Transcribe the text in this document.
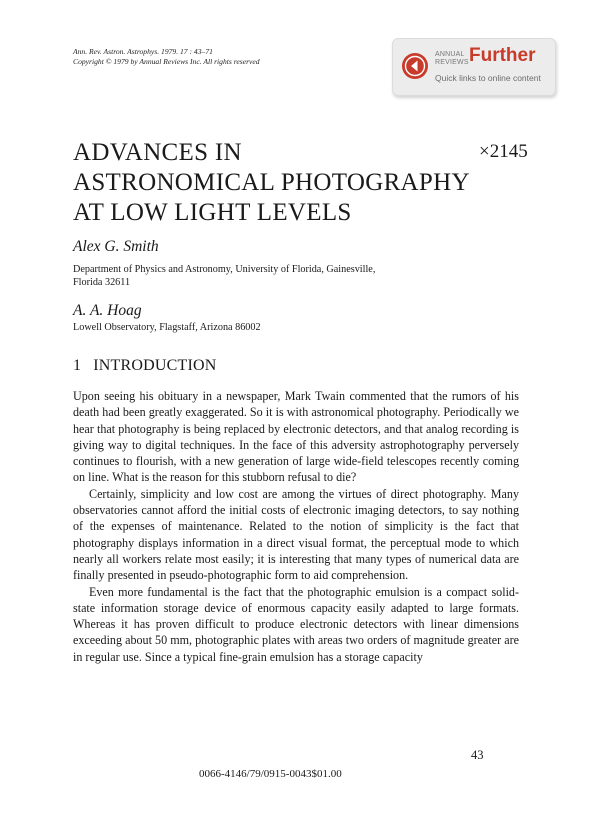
Ann. Rev. Astron. Astrophys. 1979. 17 : 43–71
Copyright © 1979 by Annual Reviews Inc. All rights reserved
ANNUAL
REVIEWS Further
Quick links to online content
ADVANCES IN
ASTRONOMICAL PHOTOGRAPHY
AT LOW LIGHT LEVELS
×2145
Alex G. Smith
Department of Physics and Astronomy, University of Florida, Gainesville,
Florida 32611
A. A. Hoag
Lowell Observatory, Flagstaff, Arizona 86002
1 INTRODUCTION

Upon seeing his obituary in a newspaper, Mark Twain commented that the rumors of his death had been greatly exaggerated. So it is with astronomical photography. Periodically we hear that photography is being replaced by electronic detectors, and that analog recording is giving way to digital techniques. In the face of this adversity astrophotography perversely continues to flourish, with a new generation of large wide-field telescopes recently coming on line. What is the reason for this stubborn refusal to die?

Certainly, simplicity and low cost are among the virtues of direct photography. Many observatories cannot afford the initial costs of electronic imaging detectors, to say nothing of the expenses of maintenance. Related to the notion of simplicity is the fact that photography displays information in a direct visual format, the perceptual mode to which nearly all workers relate most easily; it is interesting that many types of numerical data are finally presented in pseudo-photographic form to aid comprehension.

Even more fundamental is the fact that the photographic emulsion is a compact solid-state information storage device of enormous capacity easily adapted to large formats. Whereas it has proven difficult to produce electronic detectors with linear dimensions exceeding about 50 mm, photographic plates with areas two orders of magnitude greater are in regular use. Since a typical fine-grain emulsion has a storage capacity

43
0066-4146/79/0915-0043$01.00
